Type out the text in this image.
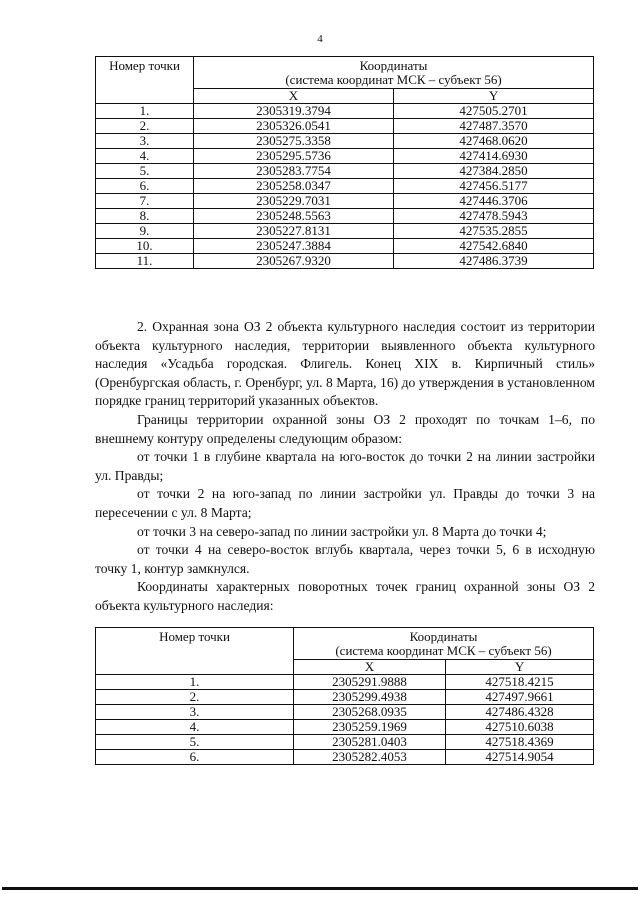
4
Номер точки	Координаты
(система координат МСК – субъект 56)	

	X	Y
1.	2305319.3794	427505.2701
2.	2305326.0541	427487.3570
3.	2305275.3358	427468.0620
4.	2305295.5736	427414.6930
5.	2305283.7754	427384.2850
6.	2305258.0347	427456.5177
7.	2305229.7031	427446.3706
8.	2305248.5563	427478.5943
9.	2305227.8131	427535.2855
10.	2305247.3884	427542.6840
11.	2305267.9320	427486.3739

2. Охранная зона ОЗ 2 объекта культурного наследия состоит из территории объекта культурного наследия, территории выявленного объекта культурного наследия «Усадьба городская. Флигель. Конец XIX в. Кирпичный стиль» (Оренбургская область, г. Оренбург, ул. 8 Марта, 16) до утверждения в установленном порядке границ территорий указанных объектов.

Границы территории охранной зоны ОЗ 2 проходят по точкам 1–6, по внешнему контуру определены следующим образом:

от точки 1 в глубине квартала на юго-восток до точки 2 на линии застройки ул. Правды;

от точки 2 на юго-запад по линии застройки ул. Правды до точки 3 на пересечении с ул. 8 Марта;

от точки 3 на северо-запад по линии застройки ул. 8 Марта до точки 4;

от точки 4 на северо-восток вглубь квартала, через точки 5, 6 в исходную точку 1, контур замкнулся.

Координаты характерных поворотных точек границ охранной зоны ОЗ 2 объекта культурного наследия:

Номер точки	Координаты
(система координат МСК – субъект 56)	

	X	Y
1.	2305291.9888	427518.4215
2.	2305299.4938	427497.9661
3.	2305268.0935	427486.4328
4.	2305259.1969	427510.6038
5.	2305281.0403	427518.4369
6.	2305282.4053	427514.9054
